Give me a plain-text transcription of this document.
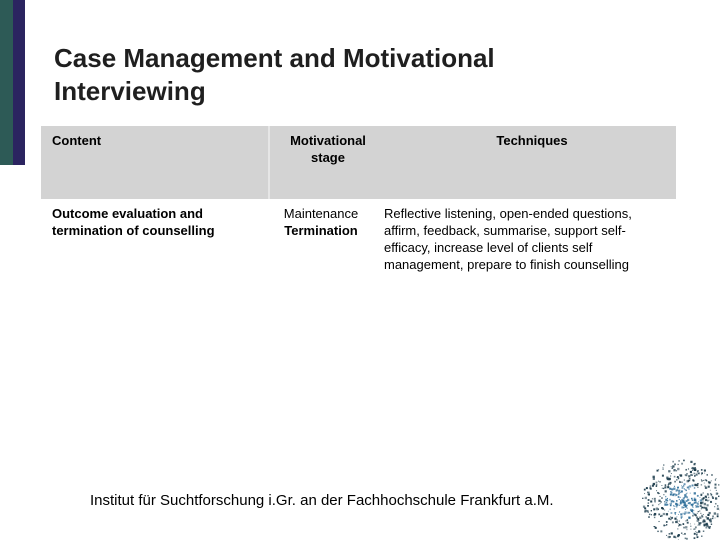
Case Management and Motivational
Interviewing
Content	Motivational
stage
Techniques
Outcome evaluation and
termination of counselling
Maintenance
Termination
Reflective listening, open-ended questions,
affirm, feedback, summarise, support self-
efficacy, increase level of clients self
management, prepare to finish counselling
Institut für Suchtforschung i.Gr. an der Fachhochschule Frankfurt a.M.
